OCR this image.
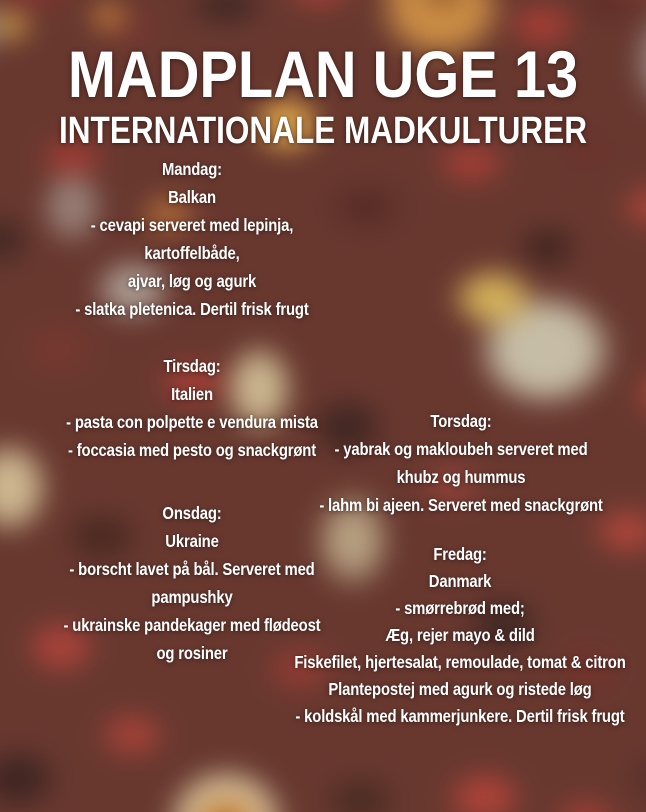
MADPLAN UGE 13
INTERNATIONALE MADKULTURER
Mandag:
Balkan
- cevapi serveret med lepinja,
kartoffelbåde,
ajvar, løg og agurk
- slatka pletenica. Dertil frisk frugt
Tirsdag:
Italien
- pasta con polpette e vendura mista
- foccasia med pesto og snackgrønt
Torsdag:
- yabrak og makloubeh serveret med
khubz og hummus
- lahm bi ajeen. Serveret med snackgrønt
Onsdag:
Ukraine
- borscht lavet på bål. Serveret med
pampushky
- ukrainske pandekager med flødeost
og rosiner
Fredag:
Danmark
- smørrebrød med;
Æg, rejer mayo & dild
Fiskefilet, hjertesalat, remoulade, tomat & citron
Plantepostej med agurk og ristede løg
- koldskål med kammerjunkere. Dertil frisk frugt
